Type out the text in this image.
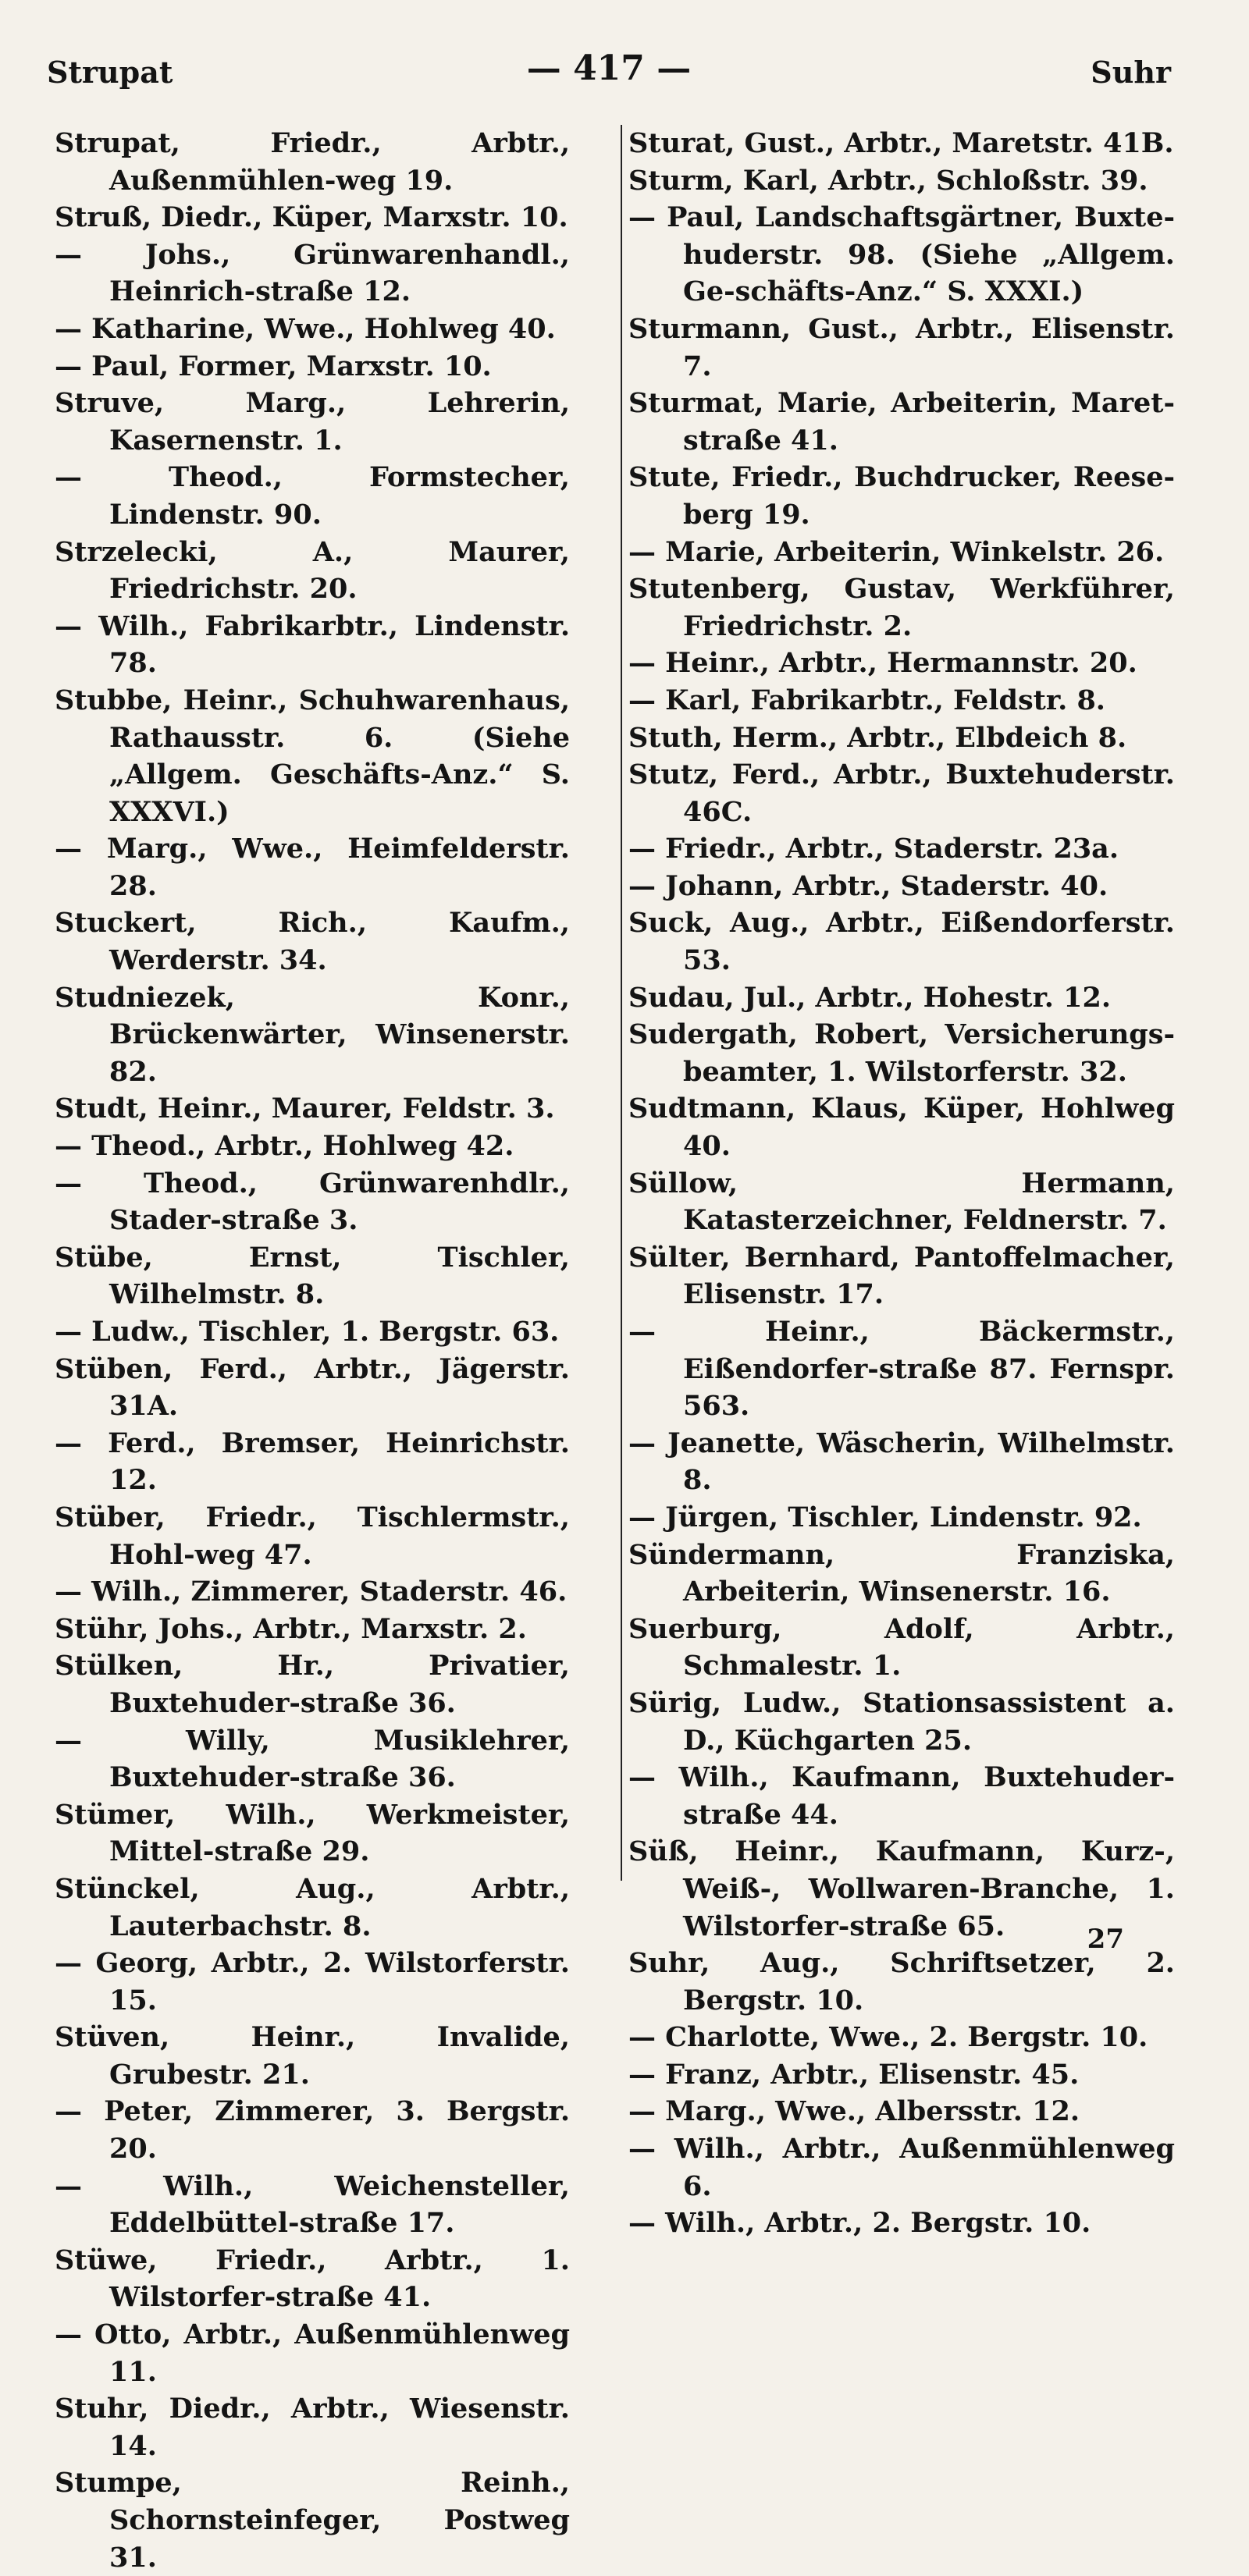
Strupat	— 417 —	Suhr
Strupat, Friedr., Arbtr., Außenmühlen-weg 19.
Struß, Diedr., Küper, Marxstr. 10.
— Johs., Grünwarenhandl., Heinrich-straße 12.
— Katharine, Wwe., Hohlweg 40.
— Paul, Former, Marxstr. 10.
Struve, Marg., Lehrerin, Kasernenstr. 1.
— Theod., Formstecher, Lindenstr. 90.
Strzelecki, A., Maurer, Friedrichstr. 20.
— Wilh., Fabrikarbtr., Lindenstr. 78.
Stubbe, Heinr., Schuhwarenhaus, Rathausstr. 6. (Siehe „Allgem. Geschäfts-Anz.“ S. XXXVI.)
— Marg., Wwe., Heimfelderstr. 28.
Stuckert, Rich., Kaufm., Werderstr. 34.
Studniezek, Konr., Brückenwärter, Winsenerstr. 82.
Studt, Heinr., Maurer, Feldstr. 3.
— Theod., Arbtr., Hohlweg 42.
— Theod., Grünwarenhdlr., Stader-straße 3.
Stübe, Ernst, Tischler, Wilhelmstr. 8.
— Ludw., Tischler, 1. Bergstr. 63.
Stüben, Ferd., Arbtr., Jägerstr. 31A.
— Ferd., Bremser, Heinrichstr. 12.
Stüber, Friedr., Tischlermstr., Hohl-weg 47.
— Wilh., Zimmerer, Staderstr. 46.
Stühr, Johs., Arbtr., Marxstr. 2.
Stülken, Hr., Privatier, Buxtehuder-straße 36.
— Willy, Musiklehrer, Buxtehuder-straße 36.
Stümer, Wilh., Werkmeister, Mittel-straße 29.
Stünckel, Aug., Arbtr., Lauterbachstr. 8.
— Georg, Arbtr., 2. Wilstorferstr. 15.
Stüven, Heinr., Invalide, Grubestr. 21.
— Peter, Zimmerer, 3. Bergstr. 20.
— Wilh., Weichensteller, Eddelbüttel-straße 17.
Stüwe, Friedr., Arbtr., 1. Wilstorfer-straße 41.
— Otto, Arbtr., Außenmühlenweg 11.
Stuhr, Diedr., Arbtr., Wiesenstr. 14.
Stumpe, Reinh., Schornsteinfeger, Postweg 31.
Sturat, Gust., Arbtr., Maretstr. 41B.
Sturm, Karl, Arbtr., Schloßstr. 39.
— Paul, Landschaftsgärtner, Buxte-huderstr. 98. (Siehe „Allgem. Ge-schäfts-Anz.“ S. XXXI.)
Sturmann, Gust., Arbtr., Elisenstr. 7.
Sturmat, Marie, Arbeiterin, Maret-straße 41.
Stute, Friedr., Buchdrucker, Reese-berg 19.
— Marie, Arbeiterin, Winkelstr. 26.
Stutenberg, Gustav, Werkführer, Friedrichstr. 2.
— Heinr., Arbtr., Hermannstr. 20.
— Karl, Fabrikarbtr., Feldstr. 8.
Stuth, Herm., Arbtr., Elbdeich 8.
Stutz, Ferd., Arbtr., Buxtehuderstr. 46C.
— Friedr., Arbtr., Staderstr. 23a.
— Johann, Arbtr., Staderstr. 40.
Suck, Aug., Arbtr., Eißendorferstr. 53.
Sudau, Jul., Arbtr., Hohestr. 12.
Sudergath, Robert, Versicherungs-beamter, 1. Wilstorferstr. 32.
Sudtmann, Klaus, Küper, Hohlweg 40.
Süllow, Hermann, Katasterzeichner, Feldnerstr. 7.
Sülter, Bernhard, Pantoffelmacher, Elisenstr. 17.
— Heinr., Bäckermstr., Eißendorfer-straße 87. Fernspr. 563.
— Jeanette, Wäscherin, Wilhelmstr. 8.
— Jürgen, Tischler, Lindenstr. 92.
Sündermann, Franziska, Arbeiterin, Winsenerstr. 16.
Suerburg, Adolf, Arbtr., Schmalestr. 1.
Sürig, Ludw., Stationsassistent a. D., Küchgarten 25.
— Wilh., Kaufmann, Buxtehuder-straße 44.
Süß, Heinr., Kaufmann, Kurz-, Weiß-, Wollwaren-Branche, 1. Wilstorfer-straße 65.
Suhr, Aug., Schriftsetzer, 2. Bergstr. 10.
— Charlotte, Wwe., 2. Bergstr. 10.
— Franz, Arbtr., Elisenstr. 45.
— Marg., Wwe., Albersstr. 12.
— Wilh., Arbtr., Außenmühlenweg 6.
— Wilh., Arbtr., 2. Bergstr. 10.
27
